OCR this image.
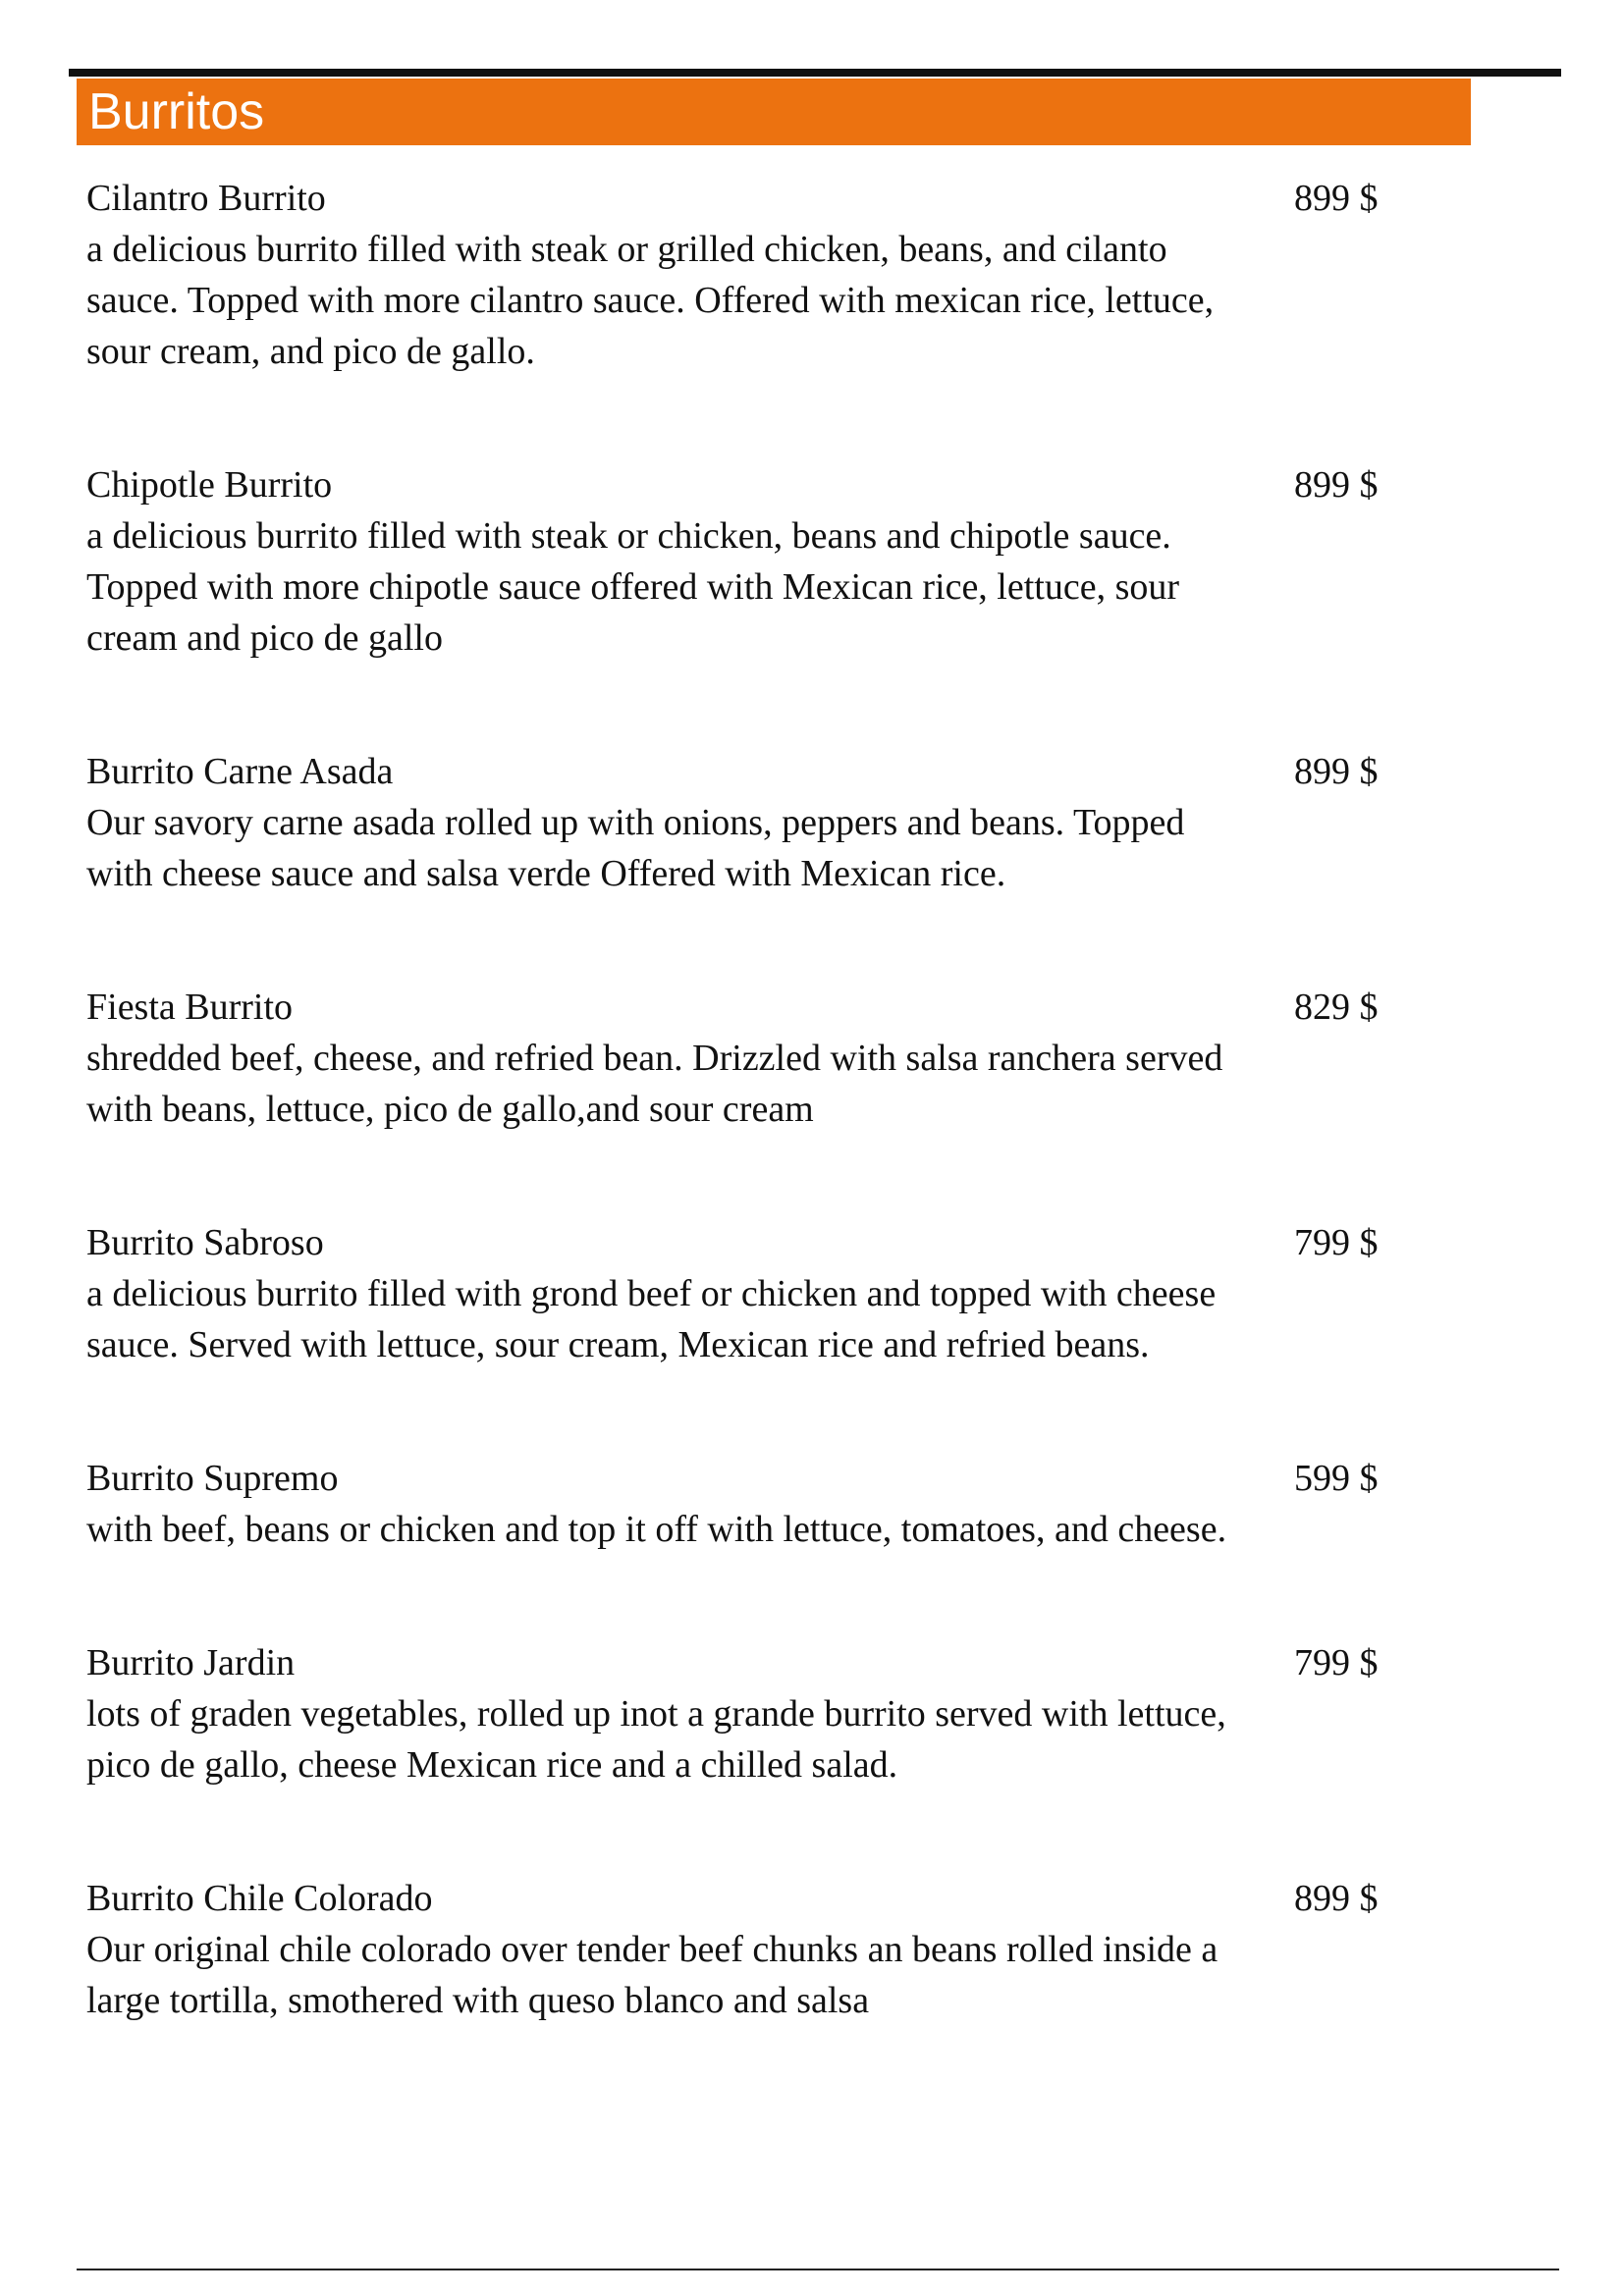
Burritos
Cilantro Burrito	899 $
a delicious burrito filled with steak or grilled chicken, beans, and cilanto sauce. Topped with more cilantro sauce. Offered with mexican rice, lettuce, sour cream, and pico de gallo.
Chipotle Burrito	899 $
a delicious burrito filled with steak or chicken, beans and chipotle sauce. Topped with more chipotle sauce offered with Mexican rice, lettuce, sour cream and pico de gallo
Burrito Carne Asada	899 $
Our savory carne asada rolled up with onions, peppers and beans. Topped with cheese sauce and salsa verde Offered with Mexican rice.
Fiesta Burrito	829 $
shredded beef, cheese, and refried bean. Drizzled with salsa ranchera served with beans, lettuce, pico de gallo,and sour cream
Burrito Sabroso	799 $
a delicious burrito filled with grond beef or chicken and topped with cheese sauce. Served with lettuce, sour cream, Mexican rice and refried beans.
Burrito Supremo	599 $
with beef, beans or chicken and top it off with lettuce, tomatoes, and cheese.
Burrito Jardin	799 $
lots of graden vegetables, rolled up inot a grande burrito served with lettuce, pico de gallo, cheese Mexican rice and a chilled salad.
Burrito Chile Colorado	899 $
Our original chile colorado over tender beef chunks an beans rolled inside a large tortilla, smothered with queso blanco and salsa
